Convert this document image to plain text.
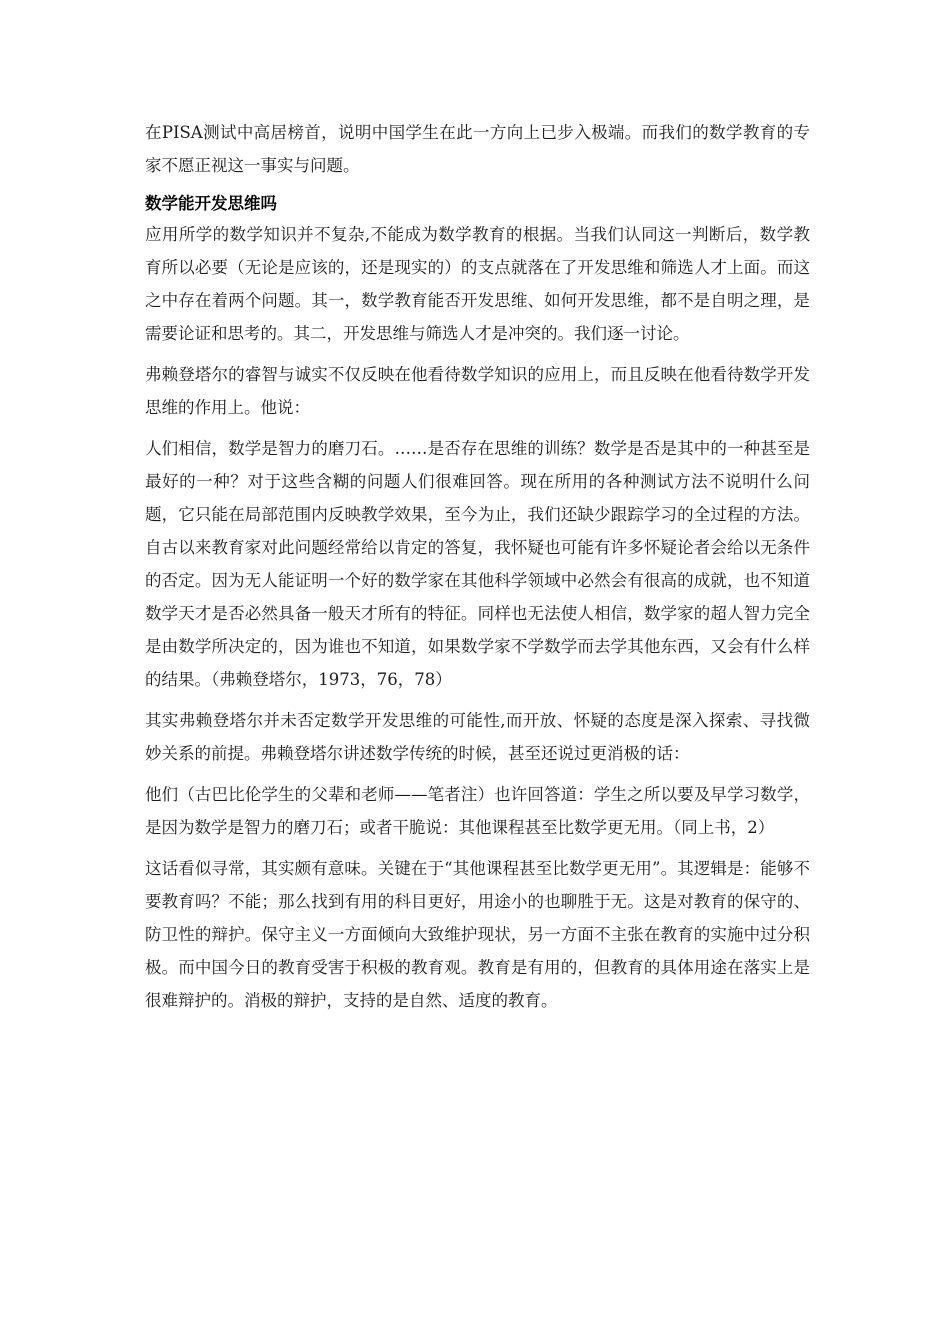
在PISA测试中高居榜首，说明中国学生在此一方向上已步入极端。而我们的数学教育的专家不愿正视这一事实与问题。

数学能开发思维吗

应用所学的数学知识并不复杂,不能成为数学教育的根据。当我们认同这一判断后，数学教育所以必要（无论是应该的，还是现实的）的支点就落在了开发思维和筛选人才上面。而这之中存在着两个问题。其一，数学教育能否开发思维、如何开发思维，都不是自明之理，是需要论证和思考的。其二，开发思维与筛选人才是冲突的。我们逐一讨论。

弗赖登塔尔的睿智与诚实不仅反映在他看待数学知识的应用上，而且反映在他看待数学开发思维的作用上。他说：

人们相信，数学是智力的磨刀石。……是否存在思维的训练？数学是否是其中的一种甚至是最好的一种？对于这些含糊的问题人们很难回答。现在所用的各种测试方法不说明什么问题，它只能在局部范围内反映教学效果，至今为止，我们还缺少跟踪学习的全过程的方法。自古以来教育家对此问题经常给以肯定的答复，我怀疑也可能有许多怀疑论者会给以无条件的否定。因为无人能证明一个好的数学家在其他科学领域中必然会有很高的成就，也不知道数学天才是否必然具备一般天才所有的特征。同样也无法使人相信，数学家的超人智力完全是由数学所决定的，因为谁也不知道，如果数学家不学数学而去学其他东西，又会有什么样的结果。（弗赖登塔尔，1973，76，78）

其实弗赖登塔尔并未否定数学开发思维的可能性,而开放、怀疑的态度是深入探索、寻找微妙关系的前提。弗赖登塔尔讲述数学传统的时候，甚至还说过更消极的话：

他们（古巴比伦学生的父辈和老师——笔者注）也许回答道：学生之所以要及早学习数学，是因为数学是智力的磨刀石；或者干脆说：其他课程甚至比数学更无用。（同上书，2）

这话看似寻常，其实颇有意味。关键在于“其他课程甚至比数学更无用”。其逻辑是：能够不要教育吗？不能；那么找到有用的科目更好，用途小的也聊胜于无。这是对教育的保守的、防卫性的辩护。保守主义一方面倾向大致维护现状，另一方面不主张在教育的实施中过分积极。而中国今日的教育受害于积极的教育观。教育是有用的，但教育的具体用途在落实上是很难辩护的。消极的辩护，支持的是自然、适度的教育。
